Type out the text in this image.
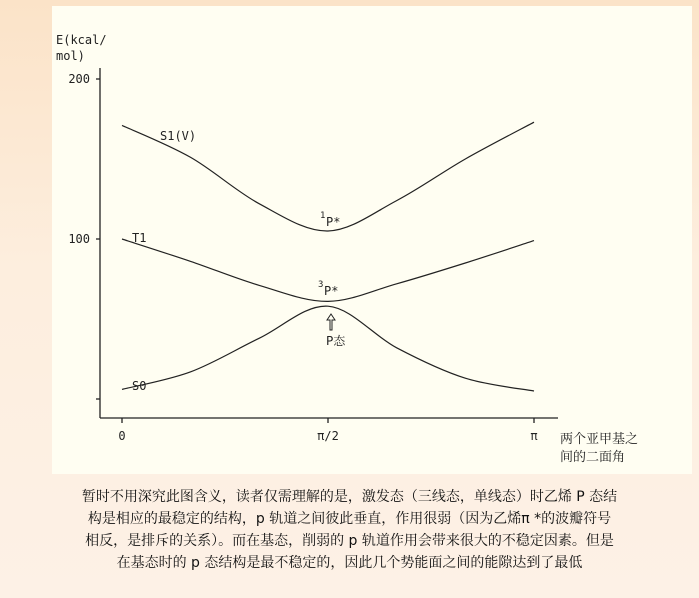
100
200
0	π/2	π
E(kcal/
mol)
两个亚甲基之
间的二面角
S1(V)
T1
S0
1 P*
3 P*
P态
暂时不用深究此图含义，读者仅需理解的是，激发态（三线态，单线态）时乙烯 P 态结
构是相应的最稳定的结构，p 轨道之间彼此垂直，作用很弱（因为乙烯π *的波瓣符号
相反，是排斥的关系）。而在基态，削弱的 p 轨道作用会带来很大的不稳定因素。但是
在基态时的 p 态结构是最不稳定的，因此几个势能面之间的能隙达到了最低
